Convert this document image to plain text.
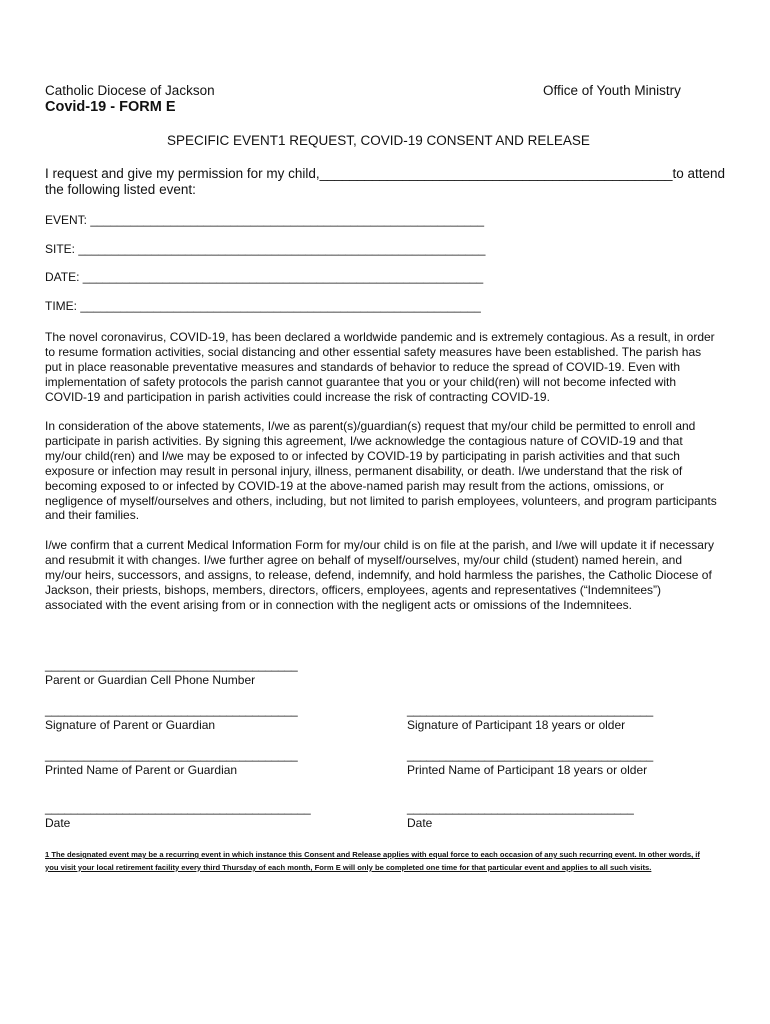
Catholic Diocese of Jackson	Office of Youth Ministry
Covid-19 - FORM E
SPECIFIC EVENT1 REQUEST, COVID-19 CONSENT AND RELEASE
I request and give my permission for my child,_______________________________________________to attend
the following listed event:
EVENT: ___________________________________________________________
SITE: _____________________________________________________________
DATE: ____________________________________________________________
TIME: ____________________________________________________________

The novel coronavirus, COVID-19, has been declared a worldwide pandemic and is extremely contagious. As a result, in order to resume formation activities, social distancing and other essential safety measures have been established. The parish has put in place reasonable preventative measures and standards of behavior to reduce the spread of COVID-19. Even with implementation of safety protocols the parish cannot guarantee that you or your child(ren) will not become infected with COVID-19 and participation in parish activities could increase the risk of contracting COVID-19.

In consideration of the above statements, I/we as parent(s)/guardian(s) request that my/our child be permitted to enroll and participate in parish activities. By signing this agreement, I/we acknowledge the contagious nature of COVID-19 and that my/our child(ren) and I/we may be exposed to or infected by COVID-19 by participating in parish activities and that such exposure or infection may result in personal injury, illness, permanent disability, or death. I/we understand that the risk of becoming exposed to or infected by COVID-19 at the above-named parish may result from the actions, omissions, or negligence of myself/ourselves and others, including, but not limited to parish employees, volunteers, and program participants and their families.

I/we confirm that a current Medical Information Form for my/our child is on file at the parish, and I/we will update it if necessary and resubmit it with changes. I/we further agree on behalf of myself/ourselves, my/our child (student) named herein, and my/our heirs, successors, and assigns, to release, defend, indemnify, and hold harmless the parishes, the Catholic Diocese of Jackson, their priests, bishops, members, directors, officers, employees, agents and representatives (“Indemnitees”) associated with the event arising from or in connection with the negligent acts or omissions of the Indemnitees.

_______________________________________
Parent or Guardian Cell Phone Number
_______________________________________
Signature of Parent or Guardian
______________________________________
Signature of Participant 18 years or older
_______________________________________
Printed Name of Parent or Guardian
______________________________________
Printed Name of Participant 18 years or older
_________________________________________
Date
___________________________________
Date

1 The designated event may be a recurring event in which instance this Consent and Release applies with equal force to each occasion of any such recurring event. In other words, if you visit your local retirement facility every third Thursday of each month, Form E will only be completed one time for that particular event and applies to all such visits.
